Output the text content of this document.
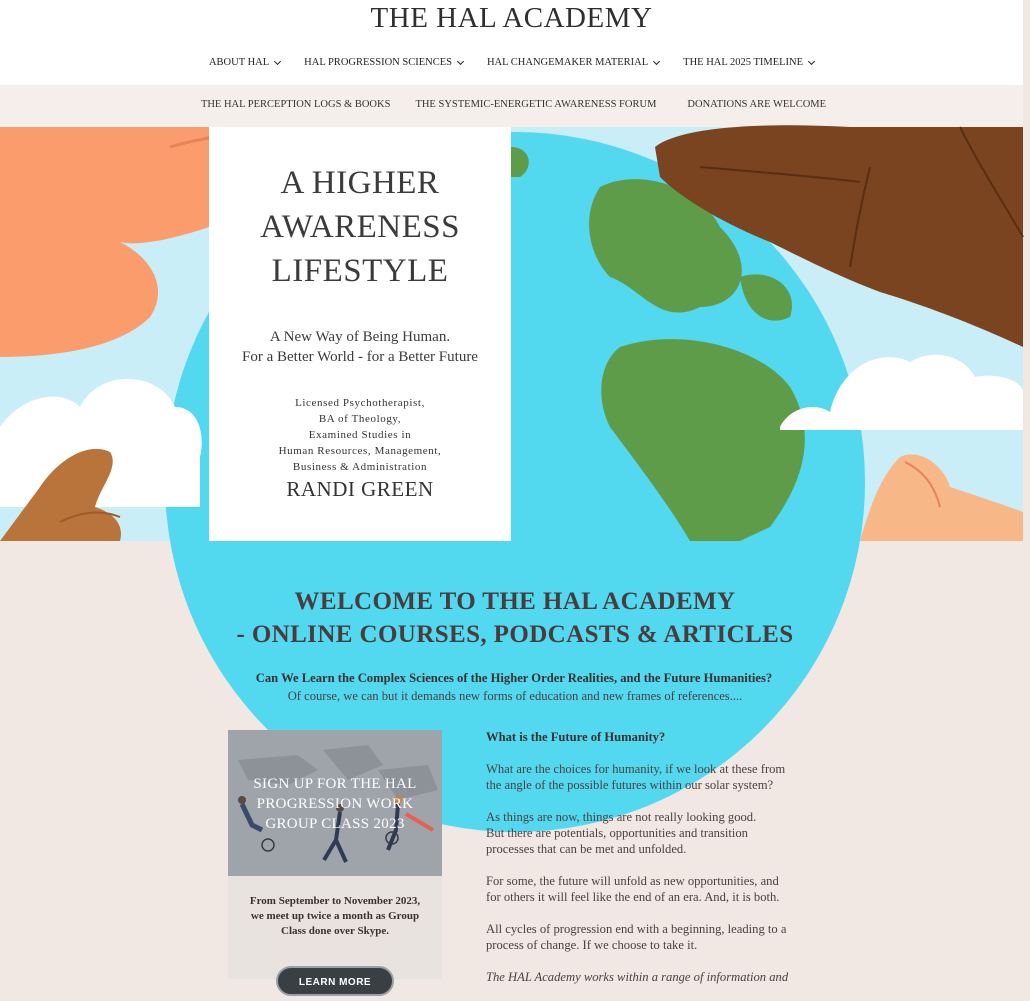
THE HAL ACADEMY
ABOUT HAL	HAL PROGRESSION SCIENCES	HAL CHANGEMAKER MATERIAL	THE HAL 2025 TIMELINE
THE HAL PERCEPTION LOGS & BOOKS THE SYSTEMIC-ENERGETIC AWARENESS FORUM	DONATIONS ARE WELCOME
A HIGHER
AWARENESS
LIFESTYLE
A New Way of Being Human.
For a Better World - for a Better Future
Licensed Psychotherapist,
BA of Theology,
Examined Studies in
Human Resources, Management,
Business & Administration
RANDI GREEN
WELCOME TO THE HAL ACADEMY
- ONLINE COURSES, PODCASTS & ARTICLES
Can We Learn the Complex Sciences of the Higher Order Realities, and the Future Humanities?
Of course, we can but it demands new forms of education and new frames of references....
SIGN UP FOR THE HAL
PROGRESSION WORK
GROUP CLASS 2023
From September to November 2023,
we meet up twice a month as Group
Class done over Skype.
LEARN MORE
What is the Future of Humanity?

What are the choices for humanity, if we look at these from
the angle of the possible futures within our solar system?

As things are now, things are not really looking good.
But there are potentials, opportunities and transition
processes that can be met and unfolded.

For some, the future will unfold as new opportunities, and
for others it will feel like the end of an era. And, it is both.

All cycles of progression end with a beginning, leading to a
process of change. If we choose to take it.

The HAL Academy works within a range of information and
